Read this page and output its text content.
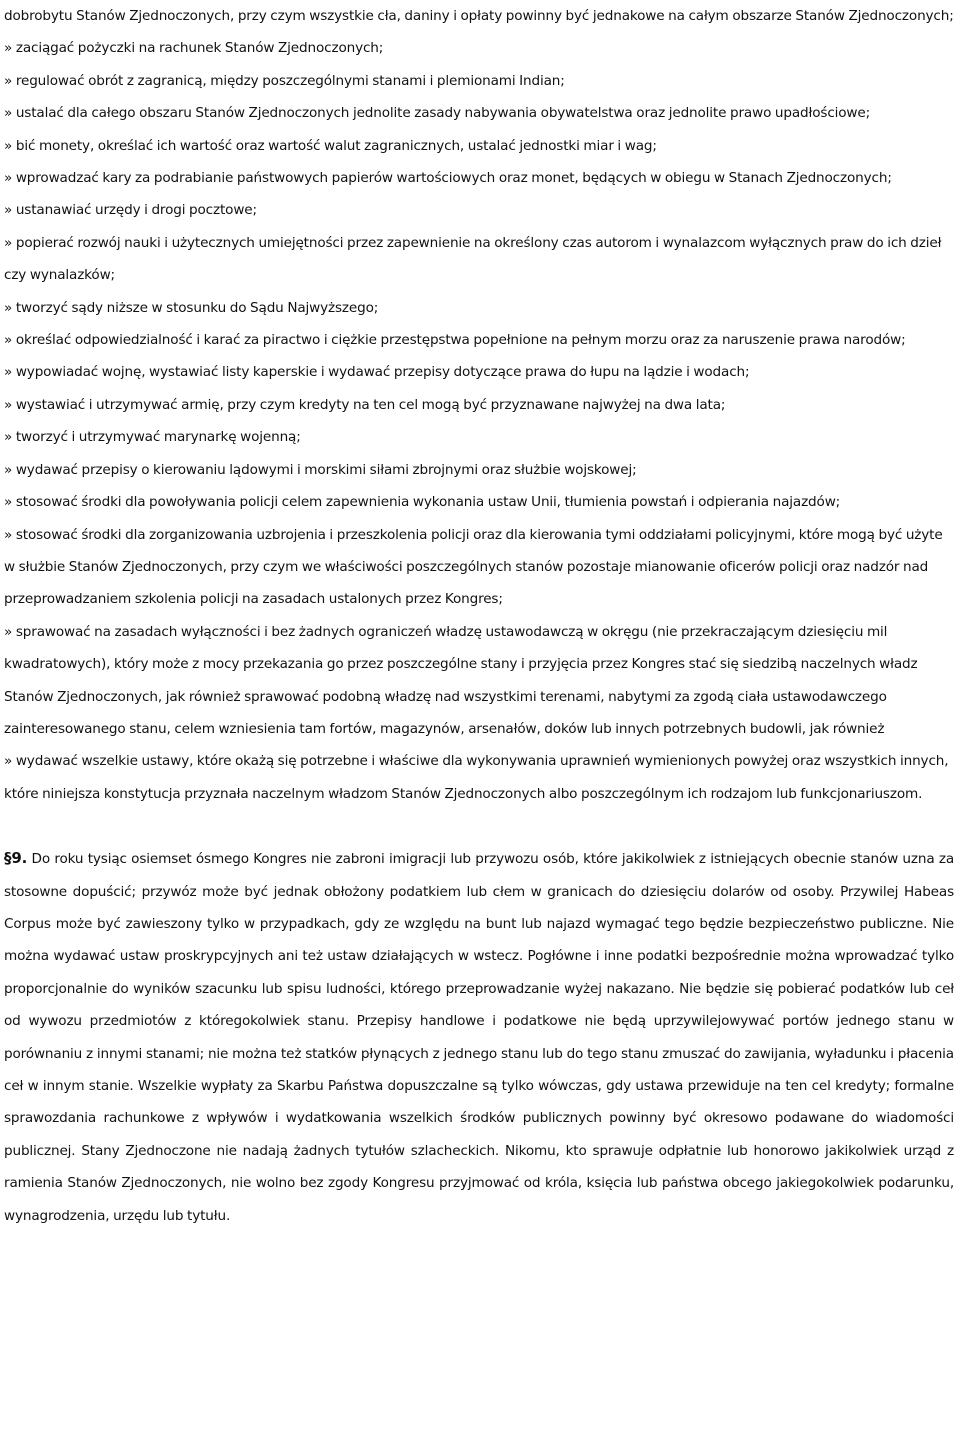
dobrobytu Stanów Zjednoczonych, przy czym wszystkie cła, daniny i opłaty powinny być jednakowe na całym obszarze Stanów Zjednoczonych;

» zaciągać pożyczki na rachunek Stanów Zjednoczonych;

» regulować obrót z zagranicą, między poszczególnymi stanami i plemionami Indian;

» ustalać dla całego obszaru Stanów Zjednoczonych jednolite zasady nabywania obywatelstwa oraz jednolite prawo upadłościowe;

» bić monety, określać ich wartość oraz wartość walut zagranicznych, ustalać jednostki miar i wag;

» wprowadzać kary za podrabianie państwowych papierów wartościowych oraz monet, będących w obiegu w Stanach Zjednoczonych;

» ustanawiać urzędy i drogi pocztowe;

» popierać rozwój nauki i użytecznych umiejętności przez zapewnienie na określony czas autorom i wynalazcom wyłącznych praw do ich dzieł czy wynalazków;

» tworzyć sądy niższe w stosunku do Sądu Najwyższego;

» określać odpowiedzialność i karać za piractwo i ciężkie przestępstwa popełnione na pełnym morzu oraz za naruszenie prawa narodów;

» wypowiadać wojnę, wystawiać listy kaperskie i wydawać przepisy dotyczące prawa do łupu na lądzie i wodach;

» wystawiać i utrzymywać armię, przy czym kredyty na ten cel mogą być przyznawane najwyżej na dwa lata;

» tworzyć i utrzymywać marynarkę wojenną;

» wydawać przepisy o kierowaniu lądowymi i morskimi siłami zbrojnymi oraz służbie wojskowej;

» stosować środki dla powoływania policji celem zapewnienia wykonania ustaw Unii, tłumienia powstań i odpierania najazdów;

» stosować środki dla zorganizowania uzbrojenia i przeszkolenia policji oraz dla kierowania tymi oddziałami policyjnymi, które mogą być użyte w służbie Stanów Zjednoczonych, przy czym we właściwości poszczególnych stanów pozostaje mianowanie oficerów policji oraz nadzór nad przeprowadzaniem szkolenia policji na zasadach ustalonych przez Kongres;

» sprawować na zasadach wyłączności i bez żadnych ograniczeń władzę ustawodawczą w okręgu (nie przekraczającym dziesięciu mil kwadratowych), który może z mocy przekazania go przez poszczególne stany i przyjęcia przez Kongres stać się siedzibą naczelnych władz Stanów Zjednoczonych, jak również sprawować podobną władzę nad wszystkimi terenami, nabytymi za zgodą ciała ustawodawczego zainteresowanego stanu, celem wzniesienia tam fortów, magazynów, arsenałów, doków lub innych potrzebnych budowli, jak również

» wydawać wszelkie ustawy, które okażą się potrzebne i właściwe dla wykonywania uprawnień wymienionych powyżej oraz wszystkich innych, które niniejsza konstytucja przyznała naczelnym władzom Stanów Zjednoczonych albo poszczególnym ich rodzajom lub funkcjonariuszom.

§9. Do roku tysiąc osiemset ósmego Kongres nie zabroni imigracji lub przywozu osób, które jakikolwiek z istniejących obecnie stanów uzna za stosowne dopuścić; przywóz może być jednak obłożony podatkiem lub cłem w granicach do dziesięciu dolarów od osoby. Przywilej Habeas Corpus może być zawieszony tylko w przypadkach, gdy ze względu na bunt lub najazd wymagać tego będzie bezpieczeństwo publiczne. Nie można wydawać ustaw proskrypcyjnych ani też ustaw działających w wstecz. Pogłówne i inne podatki bezpośrednie można wprowadzać tylko proporcjonalnie do wyników szacunku lub spisu ludności, którego przeprowadzanie wyżej nakazano. Nie będzie się pobierać podatków lub ceł od wywozu przedmiotów z któregokolwiek stanu. Przepisy handlowe i podatkowe nie będą uprzywilejowywać portów jednego stanu w porównaniu z innymi stanami; nie można też statków płynących z jednego stanu lub do tego stanu zmuszać do zawijania, wyładunku i płacenia ceł w innym stanie. Wszelkie wypłaty za Skarbu Państwa dopuszczalne są tylko wówczas, gdy ustawa przewiduje na ten cel kredyty; formalne sprawozdania rachunkowe z wpływów i wydatkowania wszelkich środków publicznych powinny być okresowo podawane do wiadomości publicznej. Stany Zjednoczone nie nadają żadnych tytułów szlacheckich. Nikomu, kto sprawuje odpłatnie lub honorowo jakikolwiek urząd z ramienia Stanów Zjednoczonych, nie wolno bez zgody Kongresu przyjmować od króla, księcia lub państwa obcego jakiegokolwiek podarunku, wynagrodzenia, urzędu lub tytułu.
